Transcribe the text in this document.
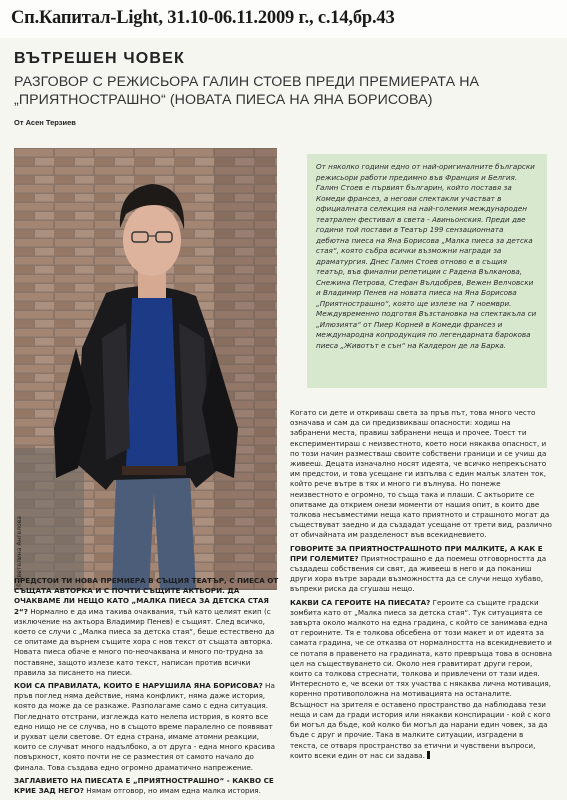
Сп.Капитал-Light, 31.10-06.11.2009 г., с.14,бр.43
ВЪТРЕШЕН ЧОВЕК
РАЗГОВОР С РЕЖИСЬОРА ГАЛИН СТОЕВ ПРЕДИ ПРЕМИЕРАТА НА „ПРИЯТНОСТРАШНО“ (НОВАТА ПИЕСА НА ЯНА БОРИСОВА)
От Асен Терзиев
©Цветелина Ангелова
От няколко години едно от най-оригиналните български режисьори работи предимно във Франция и Белгия. Галин Стоев е първият българин, който поставя за Комеди франсез, а негови спектакли участват в официалната селекция на най-големия международен театрален фестивал в света - Авиньонския. Преди две години той постави в Театър 199 сензационната дебютна пиеса на Яна Борисова „Малка пиеса за детска стая“, която събра всички възможни награди за драматургия. Днес Галин Стоев отново е в същия театър, във финални репетиции с Радена Вълканова, Снежина Петрова, Стефан Вълдобрев, Вежен Велчовски и Владимир Пенев на новата пиеса на Яна Борисова „Приятнострашно“, която ще излезе на 7 ноември. Междувременно подготвя Възстановка на спектакъла си „Илюзията“ от Пиер Корней в Комеди франсез и международна копродукция по легендарната барокова пиеса „Животът е сън“ на Калдерон де ла Барка.

ПРЕДСТОИ ТИ НОВА ПРЕМИЕРА В СЪЩИЯ ТЕАТЪР, С ПИЕСА ОТ СЪЩАТА АВТОРКА И С ПОЧТИ СЪЩИТЕ АКТЬОРИ. ДА ОЧАКВАМЕ ЛИ НЕЩО КАТО „МАЛКА ПИЕСА ЗА ДЕТСКА СТАЯ 2“? Нормално е да има такива очаквания, тъй като целият екип (с изключение на актьора Владимир Пенев) е същият. След всичко, което се случи с „Малка пиеса за детска стая“, беше естествено да се опитаме да върнем същите хора с нов текст от същата авторка. Новата пиеса обаче е много по-неочаквана и много по-трудна за поставяне, защото излезе като текст, написан против всички правила за писането на пиеси.

КОИ СА ПРАВИЛАТА, КОИТО Е НАРУШИЛА ЯНА БОРИСОВА? На пръв поглед няма действие, няма конфликт, няма даже история, която да може да се разкаже. Разполагаме само с една ситуация. Погледнато отстрани, изглежда като нелепа история, в която все едно нищо не се случва, но в същото време паралелно се появяват и рухват цели светове. От една страна, имаме атомни реакции, които се случват много надълбоко, а от друга - една много красива повърхност, която почти не се разместия от самото начало до финала. Това създава едно огромно драматично напрежение.

ЗАГЛАВИЕТО НА ПИЕСАТА Е „ПРИЯТНОСТРАШНО“ - КАКВО СЕ КРИЕ ЗАД НЕГО? Нямам отговор, но имам една малка история.

Когато си дете и откриваш света за пръв път, това много често означава и сам да си предизвикваш опасности: ходиш на забранени места, правиш забранени неща и прочее. Тоест ти експериментираш с неизвестното, което носи някаква опасност, и по този начин разместваш своите собствени граници и се учиш да живееш. Децата изначално носят идеята, че всичко непрекъснато им предстои, и това усещане ги изпълва с един малък златен ток, който рече вътре в тях и много ги вълнува. Но понеже неизвестното е огромно, то съща така и плаши. С актьорите се опитваме да открием онези моменти от нашия опит, в които две толкова несъвместими неща като приятното и страшното могат да съществуват заедно и да създадат усещане от трети вид, различно от обичайната им разделеност във всекидневието.

ГОВОРИТЕ ЗА ПРИЯТНОСТРАШНОТО ПРИ МАЛКИТЕ, А КАК Е ПРИ ГОЛЕМИТЕ? Приятнострашно е да поемеш отговорността да създадеш собствения си свят, да живееш в него и да поканиш други хора вътре заради възможността да се случи нещо хубаво, въпреки риска да сгушаш нещо.

КАКВИ СА ГЕРОИТЕ НА ПИЕСАТА? Героите са същите градски зомбита като от „Малка пиеса за детска стая“. Тук ситуацията се завърта около малкото на една градина, с който се занимава една от героините. Тя е толкова обсебена от този макет и от идеята за самата градина, че се отказва от нормалността на всекидневието и се потапя в правенето на градината, като превръща това в основна цел на съществуването си. Около нея гравитират други герои, които са толкова стреснати, толкова и привлечени от тази идея. Интересното е, че всеки от тях участва с някаква лична мотивация, коренно противоположна на мотивацията на останалите. Всъщност на зрителя е оставено пространство да наблюдава тези неща и сам да гради история или някакви конспирации - кой с кого би могъл да бъде, кой колко би могъл да нарани един човек, за да бъде с друг и прочие. Така в малките ситуации, изградени в текста, се отваря пространство за етични и чувствени въпроси, които всеки един от нас си задава.
